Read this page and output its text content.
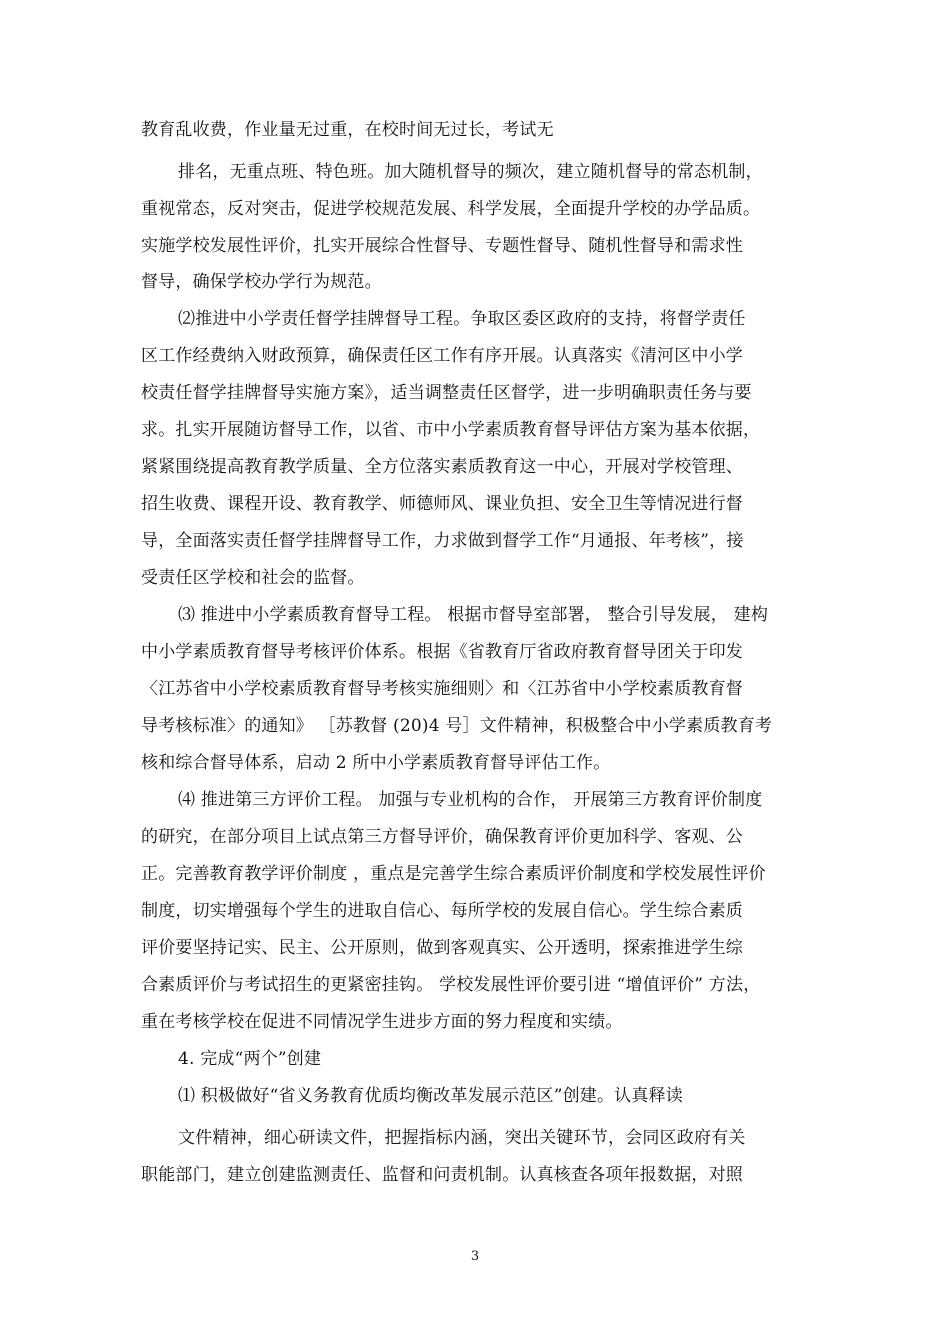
教育乱收费，作业量无过重，在校时间无过长，考试无
排名，无重点班、特色班。加大随机督导的频次，建立随机督导的常态机制，
重视常态，反对突击，促进学校规范发展、科学发展，全面提升学校的办学品质。
实施学校发展性评价，扎实开展综合性督导、专题性督导、随机性督导和需求性
督导，确保学校办学行为规范。
⑵推进中小学责任督学挂牌督导工程。争取区委区政府的支持，将督学责任
区工作经费纳入财政预算，确保责任区工作有序开展。认真落实《清河区中小学
校责任督学挂牌督导实施方案》，适当调整责任区督学，进一步明确职责任务与要
求。扎实开展随访督导工作，以省、市中小学素质教育督导评估方案为基本依据，
紧紧围绕提高教育教学质量、全方位落实素质教育这一中心，开展对学校管理、
招生收费、课程开设、教育教学、师德师风、课业负担、安全卫生等情况进行督
导，全面落实责任督学挂牌督导工作，力求做到督学工作“月通报、年考核”，接
受责任区学校和社会的监督。
⑶ 推进中小学素质教育督导工程。 根据市督导室部署， 整合引导发展， 建构
中小学素质教育督导考核评价体系。根据《省教育厅省政府教育督导团关于印发
〈江苏省中小学校素质教育督导考核实施细则〉和〈江苏省中小学校素质教育督
导考核标准〉的通知》 ［苏教督 (20)4 号］文件精神，积极整合中小学素质教育考
核和综合督导体系，启动 2 所中小学素质教育督导评估工作。
⑷ 推进第三方评价工程。 加强与专业机构的合作， 开展第三方教育评价制度
的研究，在部分项目上试点第三方督导评价，确保教育评价更加科学、客观、公
正。完善教育教学评价制度 ，重点是完善学生综合素质评价制度和学校发展性评价
制度，切实增强每个学生的进取自信心、每所学校的发展自信心。学生综合素质
评价要坚持记实、民主、公开原则，做到客观真实、公开透明，探索推进学生综
合素质评价与考试招生的更紧密挂钩。 学校发展性评价要引进 “增值评价” 方法，
重在考核学校在促进不同情况学生进步方面的努力程度和实绩。
4. 完成“两个”创建
⑴ 积极做好“省义务教育优质均衡改革发展示范区”创建。认真释读
文件精神，细心研读文件，把握指标内涵，突出关键环节，会同区政府有关
职能部门，建立创建监测责任、监督和问责机制。认真核查各项年报数据，对照
3
